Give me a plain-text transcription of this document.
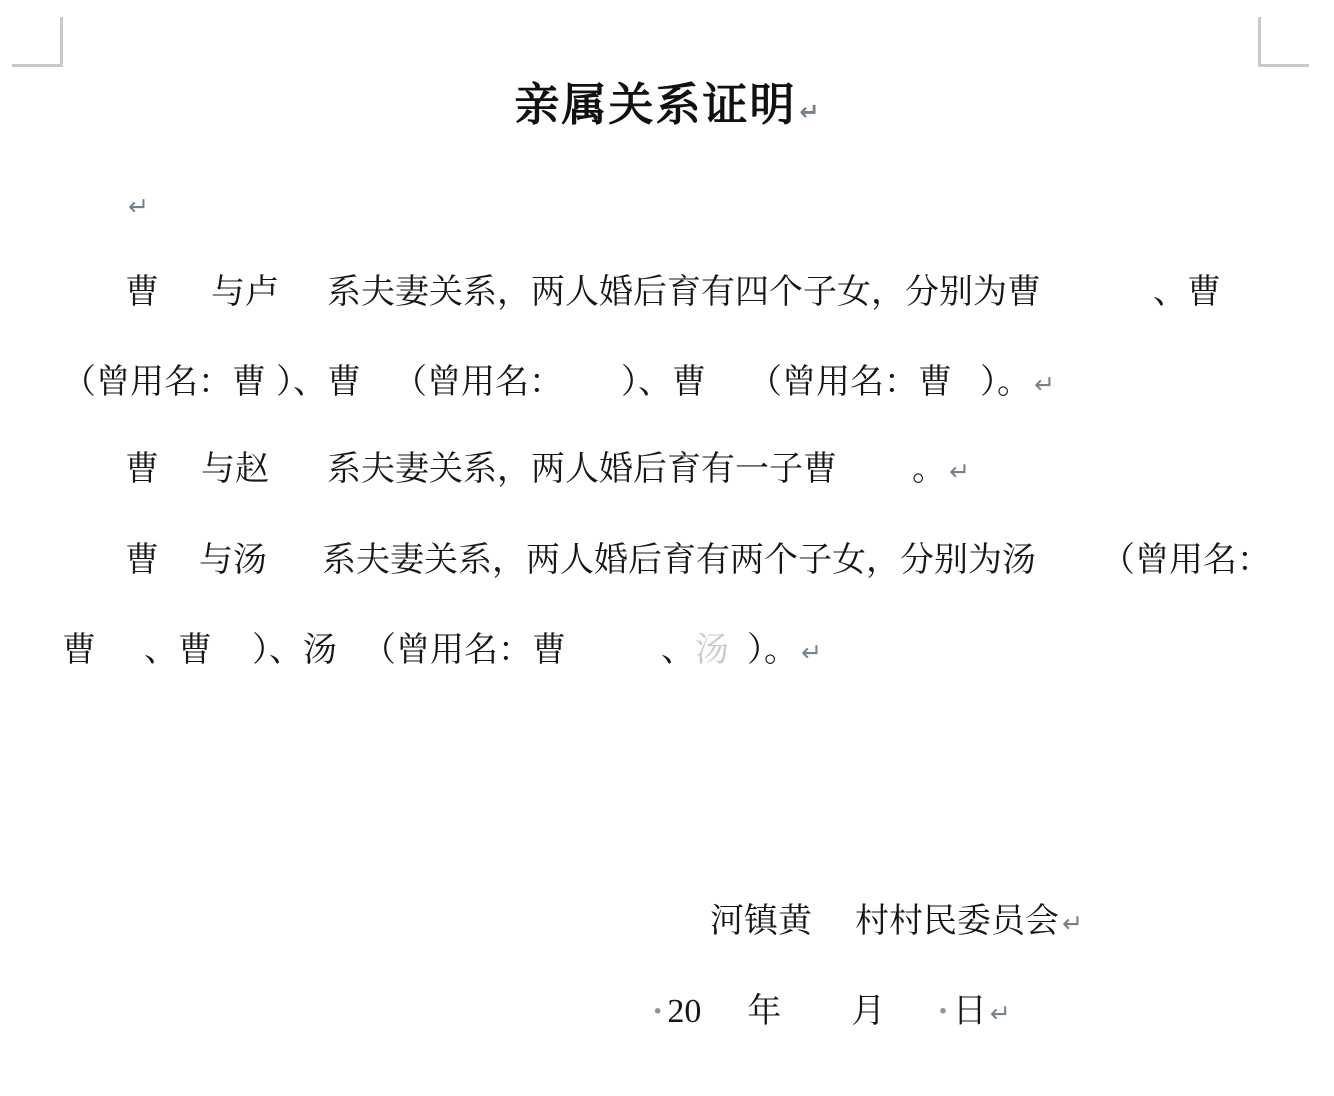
亲属关系证明 ↵
↵
曹 与卢 系夫妻关系，两人婚后育有四个子女，分别为曹	、曹
（曾用名：曹 ）、曹 （曾用名： ）、曹 （曾用名：曹 ）。 ↵
曹 与赵 系夫妻关系，两人婚后育有一子曹 。 ↵
曹 与汤 系夫妻关系，两人婚后育有两个子女，分别为汤 （曾用名：
曹 、曹 ）、汤 （曾用名：曹	、汤 ）。 ↵
河镇黄 村村民委员会 ↵
· 20 年 月 · 日 ↵
